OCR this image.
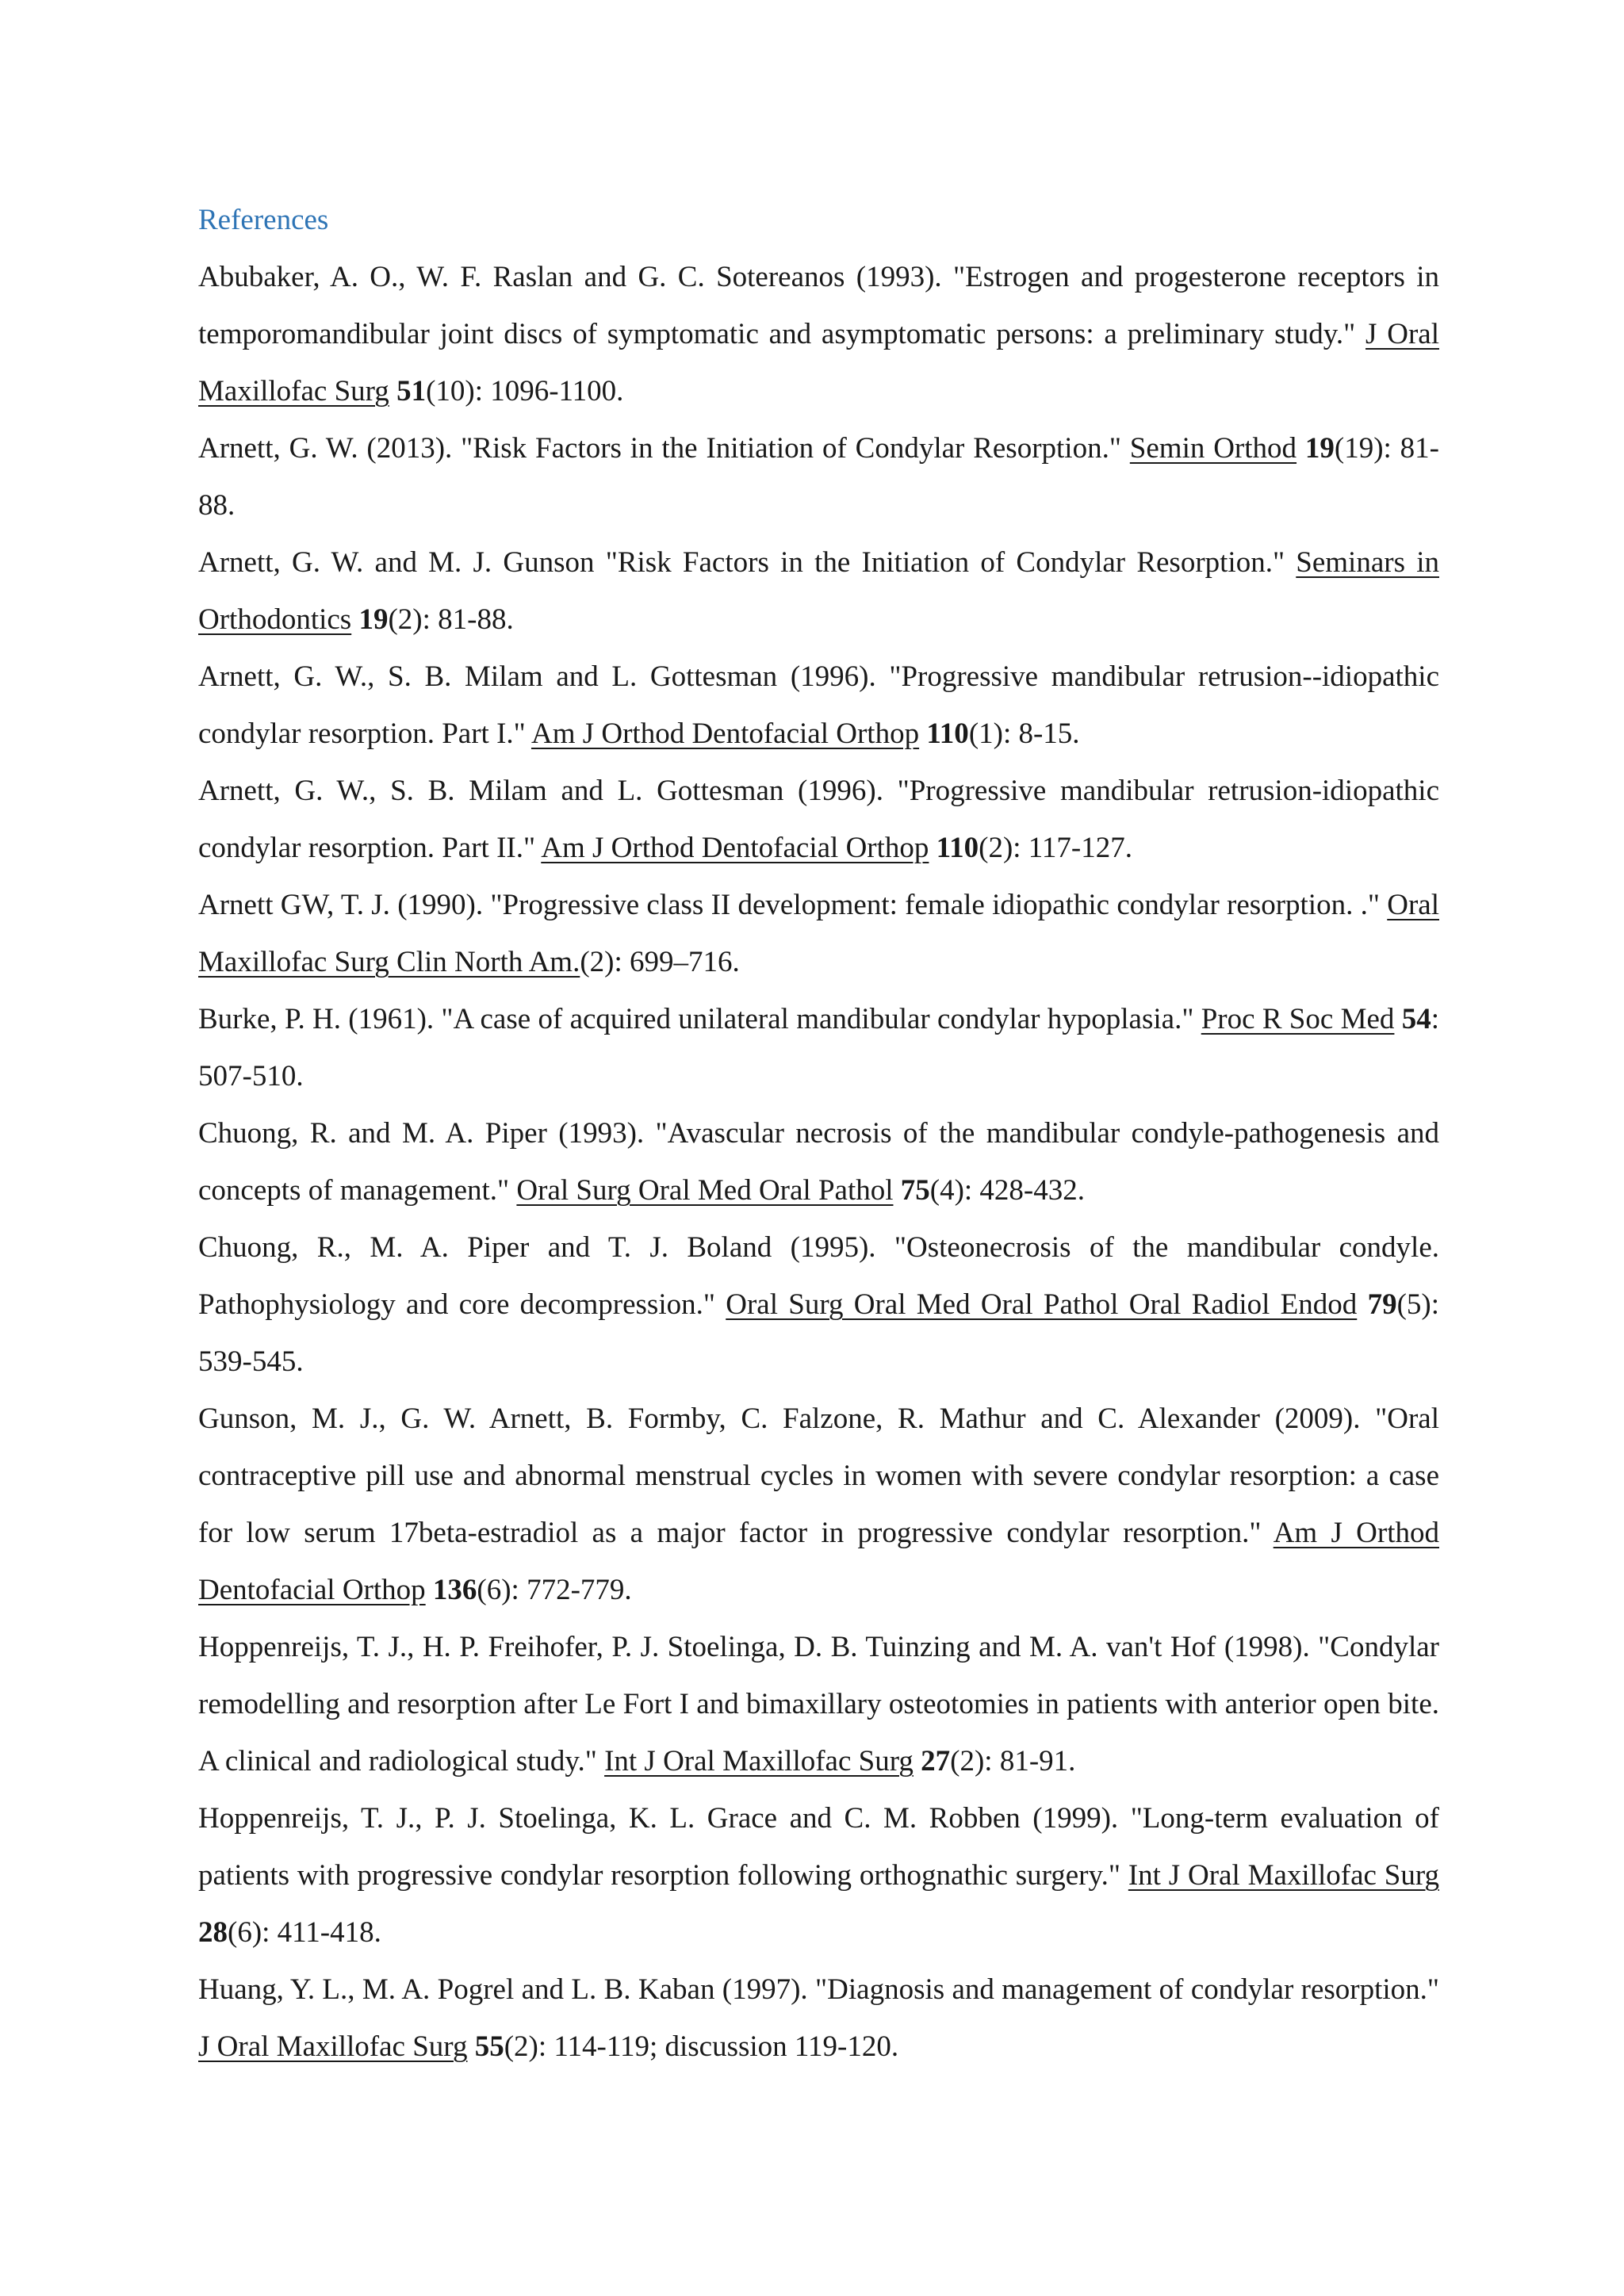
References

Abubaker, A. O., W. F. Raslan and G. C. Sotereanos (1993). "Estrogen and progesterone receptors in temporomandibular joint discs of symptomatic and asymptomatic persons: a preliminary study." J Oral Maxillofac Surg 51(10): 1096-1100.

Arnett, G. W. (2013). "Risk Factors in the Initiation of Condylar Resorption." Semin Orthod 19(19): 81-88.

Arnett, G. W. and M. J. Gunson "Risk Factors in the Initiation of Condylar Resorption." Seminars in Orthodontics 19(2): 81-88.

Arnett, G. W., S. B. Milam and L. Gottesman (1996). "Progressive mandibular retrusion--idiopathic condylar resorption. Part I." Am J Orthod Dentofacial Orthop 110(1): 8-15.

Arnett, G. W., S. B. Milam and L. Gottesman (1996). "Progressive mandibular retrusion-idiopathic condylar resorption. Part II." Am J Orthod Dentofacial Orthop 110(2): 117-127.

Arnett GW, T. J. (1990). "Progressive class II development: female idiopathic condylar resorption. ." Oral Maxillofac Surg Clin North Am.(2): 699–716.

Burke, P. H. (1961). "A case of acquired unilateral mandibular condylar hypoplasia." Proc R Soc Med 54: 507-510.

Chuong, R. and M. A. Piper (1993). "Avascular necrosis of the mandibular condyle-pathogenesis and concepts of management." Oral Surg Oral Med Oral Pathol 75(4): 428-432.

Chuong, R., M. A. Piper and T. J. Boland (1995). "Osteonecrosis of the mandibular condyle. Pathophysiology and core decompression." Oral Surg Oral Med Oral Pathol Oral Radiol Endod 79(5): 539-545.

Gunson, M. J., G. W. Arnett, B. Formby, C. Falzone, R. Mathur and C. Alexander (2009). "Oral contraceptive pill use and abnormal menstrual cycles in women with severe condylar resorption: a case for low serum 17beta-estradiol as a major factor in progressive condylar resorption." Am J Orthod Dentofacial Orthop 136(6): 772-779.

Hoppenreijs, T. J., H. P. Freihofer, P. J. Stoelinga, D. B. Tuinzing and M. A. van't Hof (1998). "Condylar remodelling and resorption after Le Fort I and bimaxillary osteotomies in patients with anterior open bite. A clinical and radiological study." Int J Oral Maxillofac Surg 27(2): 81-91.

Hoppenreijs, T. J., P. J. Stoelinga, K. L. Grace and C. M. Robben (1999). "Long-term evaluation of patients with progressive condylar resorption following orthognathic surgery." Int J Oral Maxillofac Surg 28(6): 411-418.

Huang, Y. L., M. A. Pogrel and L. B. Kaban (1997). "Diagnosis and management of condylar resorption." J Oral Maxillofac Surg 55(2): 114-119; discussion 119-120.
